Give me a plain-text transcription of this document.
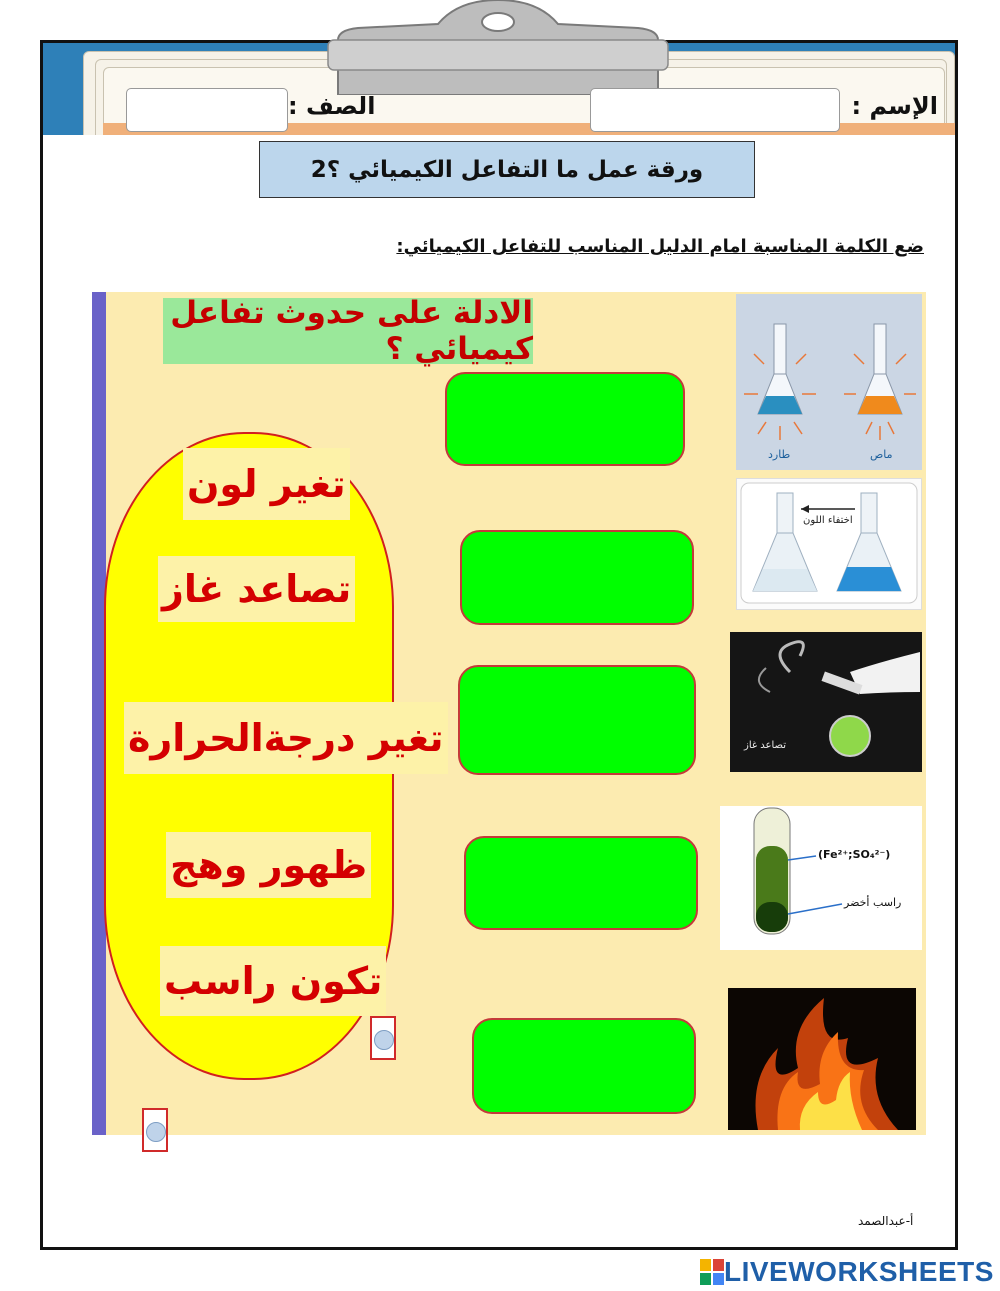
الإسم :
الصف :
ورقة عمل ما التفاعل الكيميائي ؟2
ضع الكلمة المناسبة امام الدليل المناسب للتفاعل الكيميائي:
الادلة على حدوث تفاعل كيميائي ؟
تغير لون
تصاعد غاز
تغير درجةالحرارة
ظهور وهج
تكون راسب
طارد	ماص
اختفاء اللون
تصاعد غاز
(Fe²⁺;SO₄²⁻)
راسب أخضر
أ-عبدالصمد
LIVEWORKSHEETS
